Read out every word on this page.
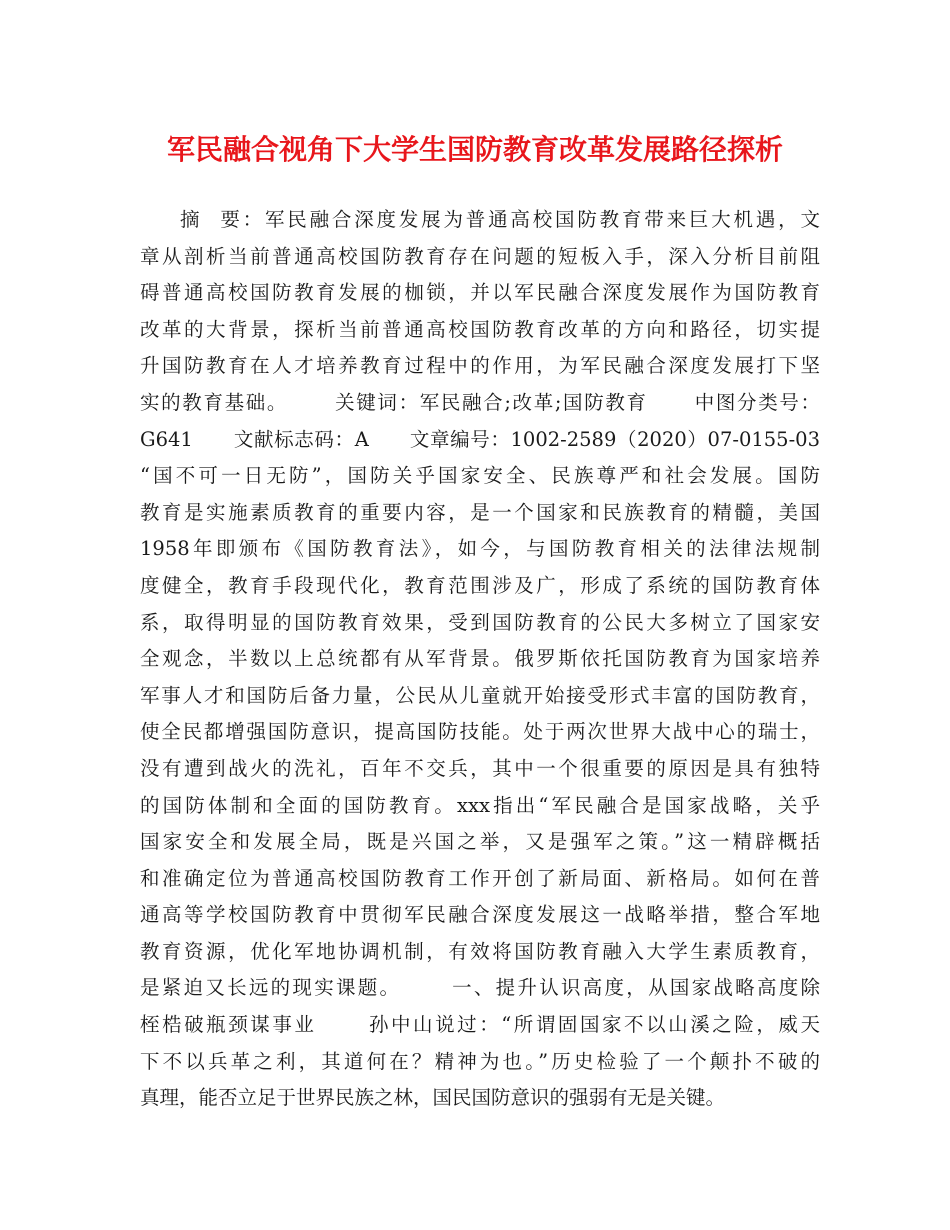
军民融合视角下大学生国防教育改革发展路径探析
摘  要：军民融合深度发展为普通高校国防教育带来巨大机遇，文
章从剖析当前普通高校国防教育存在问题的短板入手，深入分析目前阻
碍普通高校国防教育发展的枷锁，并以军民融合深度发展作为国防教育
改革的大背景，探析当前普通高校国防教育改革的方向和路径，切实提
升国防教育在人才培养教育过程中的作用，为军民融合深度发展打下坚
实的教育基础。      关键词：军民融合;改革;国防教育      中图分类号：
G641      文献标志码：A      文章编号：1002-2589（2020）07-0155-03
“国不可一日无防”，国防关乎国家安全、民族尊严和社会发展。国防
教育是实施素质教育的重要内容，是一个国家和民族教育的精髓，美国
1958年即颁布《国防教育法》，如今，与国防教育相关的法律法规制
度健全，教育手段现代化，教育范围涉及广，形成了系统的国防教育体
系，取得明显的国防教育效果，受到国防教育的公民大多树立了国家安
全观念，半数以上总统都有从军背景。俄罗斯依托国防教育为国家培养
军事人才和国防后备力量，公民从儿童就开始接受形式丰富的国防教育，
使全民都增强国防意识，提高国防技能。处于两次世界大战中心的瑞士，
没有遭到战火的洗礼，百年不交兵，其中一个很重要的原因是具有独特
的国防体制和全面的国防教育。xxx指出“军民融合是国家战略，关乎
国家安全和发展全局，既是兴国之举，又是强军之策。”这一精辟概括
和准确定位为普通高校国防教育工作开创了新局面、新格局。如何在普
通高等学校国防教育中贯彻军民融合深度发展这一战略举措，整合军地
教育资源，优化军地协调机制，有效将国防教育融入大学生素质教育，
是紧迫又长远的现实课题。      一、提升认识高度，从国家战略高度除
桎梏破瓶颈谋事业      孙中山说过：“所谓固国家不以山溪之险，威天
下不以兵革之利，其道何在？精神为也。”历史检验了一个颠扑不破的
真理，能否立足于世界民族之林，国民国防意识的强弱有无是关键。
